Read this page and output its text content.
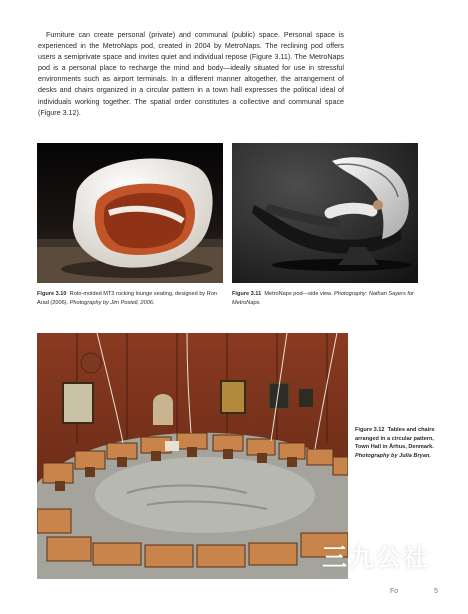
Furniture can create personal (private) and communal (public) space. Personal space is experienced in the MetroNaps pod, created in 2004 by MetroNaps. The reclining pod offers users a semiprivate space and invites quiet and individual repose (Figure 3.11). The MetroNaps pod is a personal place to recharge the mind and body—ideally situated for use in stressful environments such as airport terminals. In a different manner altogether, the arrangement of desks and chairs organized in a circular pattern in a town hall expresses the political ideal of individuals working together. The spatial order constitutes a collective and communal space (Figure 3.12).

Figure 3.10 Roto-molded MT3 rocking lounge seating, designed by Ron Arad (2006). Photography by Jim Postell, 2006.

Figure 3.11 MetroNaps pod—side view. Photography: Nathan Sayers for MetroNaps.

Figure 3.12 Tables and chairs arranged in a circular pattern, Town Hall in Århus, Denmark. Photography by Julia Bryan.

三九公社
Fo	5
